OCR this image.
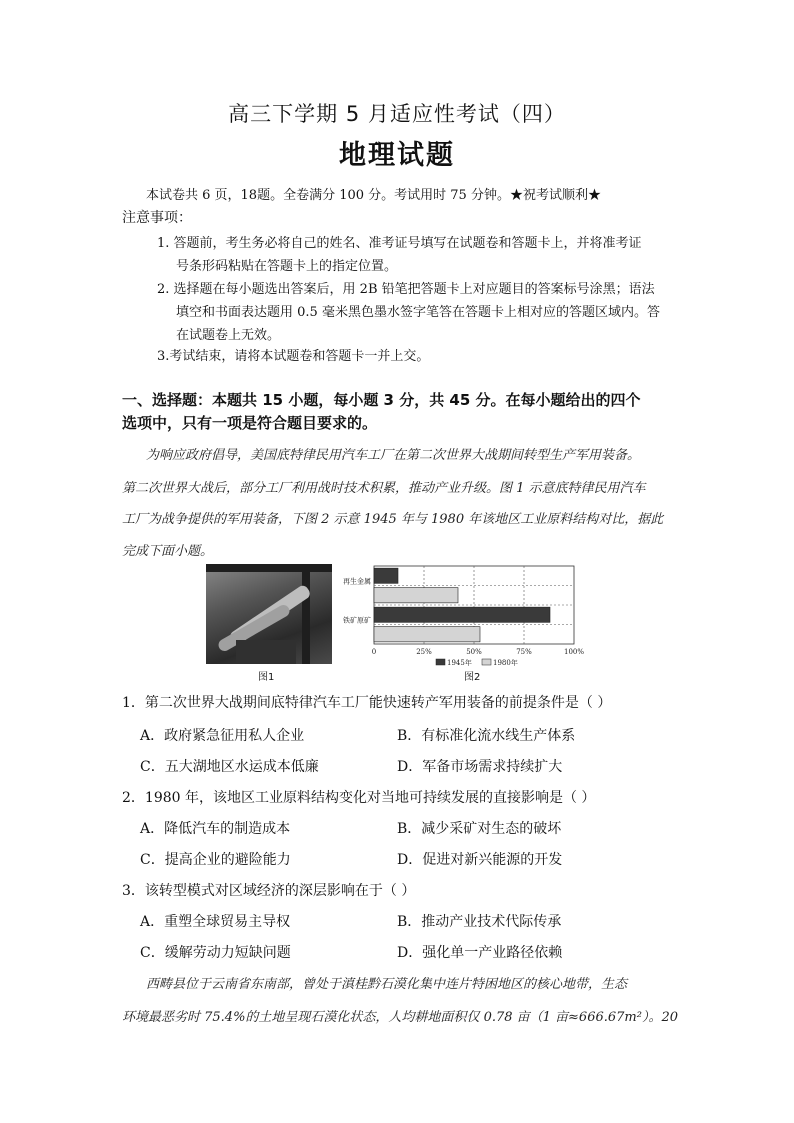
高三下学期 5 月适应性考试（四）
地理试题
本试卷共 6 页，18题。全卷满分 100 分。考试用时 75 分钟。★祝考试顺利★
注意事项：
1. 答题前，考生务必将自己的姓名、准考证号填写在试题卷和答题卡上，并将准考证
号条形码粘贴在答题卡上的指定位置。
2. 选择题在每小题选出答案后，用 2B 铅笔把答题卡上对应题目的答案标号涂黑；语法
填空和书面表达题用 0.5 毫米黑色墨水签字笔答在答题卡上相对应的答题区域内。答
在试题卷上无效。
3.考试结束，请将本试题卷和答题卡一并上交。
一、选择题：本题共 15 小题，每小题 3 分，共 45 分。在每小题给出的四个
选项中，只有一项是符合题目要求的。
为响应政府倡导，美国底特律民用汽车工厂在第二次世界大战期间转型生产军用装备。
第二次世界大战后，部分工厂利用战时技术积累，推动产业升级。图 1 示意底特律民用汽车
工厂为战争提供的军用装备，下图 2 示意 1945 年与 1980 年该地区工业原料结构对比，据此
完成下面小题。
图1
0	25%	50%	75%	100%
再生金属
铁矿原矿
1945年	1980年
图2
1．第二次世界大战期间底特律汽车工厂能快速转产军用装备的前提条件是（ ）
A．政府紧急征用私人企业	B．有标准化流水线生产体系
C．五大湖地区水运成本低廉	D．军备市场需求持续扩大
2．1980 年，该地区工业原料结构变化对当地可持续发展的直接影响是（ ）
A．降低汽车的制造成本	B．减少采矿对生态的破坏
C．提高企业的避险能力	D．促进对新兴能源的开发
3．该转型模式对区域经济的深层影响在于（ ）
A．重塑全球贸易主导权	B．推动产业技术代际传承
C．缓解劳动力短缺问题	D．强化单一产业路径依赖
西畴县位于云南省东南部，曾处于滇桂黔石漠化集中连片特困地区的核心地带，生态
环境最恶劣时 75.4%的土地呈现石漠化状态，人均耕地面积仅 0.78 亩（1 亩≈666.67m²）。20
